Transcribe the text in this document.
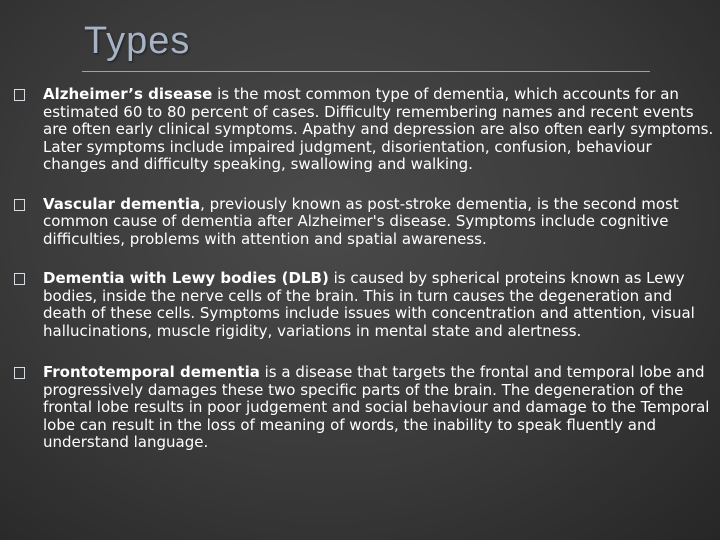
Types
Alzheimer’s disease is the most common type of dementia, which accounts for an estimated 60 to 80 percent of cases. Difficulty remembering names and recent events are often early clinical symptoms. Apathy and depression are also often early symptoms. Later symptoms include impaired judgment, disorientation, confusion, behaviour changes and difficulty speaking, swallowing and walking.
Vascular dementia, previously known as post-stroke dementia, is the second most common cause of dementia after Alzheimer's disease. Symptoms include cognitive difficulties, problems with attention and spatial awareness.
Dementia with Lewy bodies (DLB) is caused by spherical proteins known as Lewy bodies, inside the nerve cells of the brain. This in turn causes the degeneration and death of these cells. Symptoms include issues with concentration and attention, visual hallucinations, muscle rigidity, variations in mental state and alertness.
Frontotemporal dementia is a disease that targets the frontal and temporal lobe and progressively damages these two specific parts of the brain. The degeneration of the frontal lobe results in poor judgement and social behaviour and damage to the Temporal lobe can result in the loss of meaning of words, the inability to speak fluently and understand language.
